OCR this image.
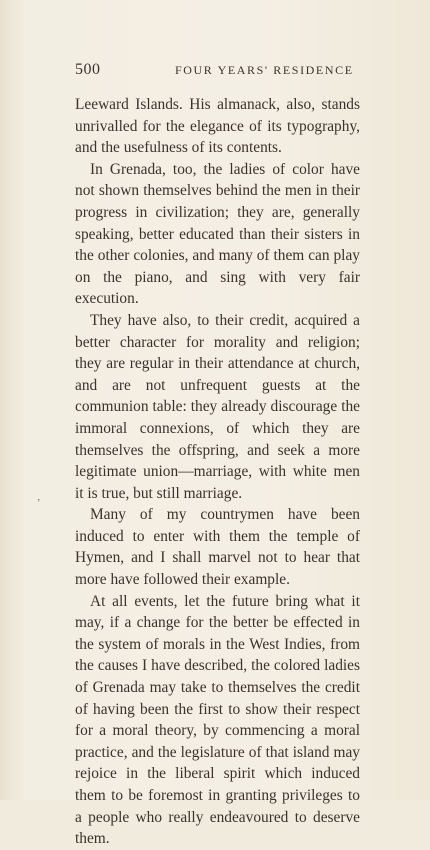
500	FOUR YEARS' RESIDENCE
ʼ

Leeward Islands. His almanack, also, stands unrivalled for the elegance of its typography, and the usefulness of its contents.

In Grenada, too, the ladies of color have not shown themselves behind the men in their progress in civilization; they are, generally speaking, better educated than their sisters in the other colonies, and many of them can play on the piano, and sing with very fair execution.

They have also, to their credit, acquired a better character for morality and religion; they are regular in their attendance at church, and are not unfrequent guests at the communion table: they already discourage the immoral connexions, of which they are themselves the offspring, and seek a more legitimate union—marriage, with white men it is true, but still marriage.

Many of my countrymen have been induced to enter with them the temple of Hymen, and I shall marvel not to hear that more have followed their example.

At all events, let the future bring what it may, if a change for the better be effected in the system of morals in the West Indies, from the causes I have described, the colored ladies of Grenada may take to themselves the credit of having been the first to show their respect for a moral theory, by commencing a moral practice, and the legislature of that island may rejoice in the liberal spirit which induced them to be foremost in granting privileges to a people who really endeavoured to deserve them.
